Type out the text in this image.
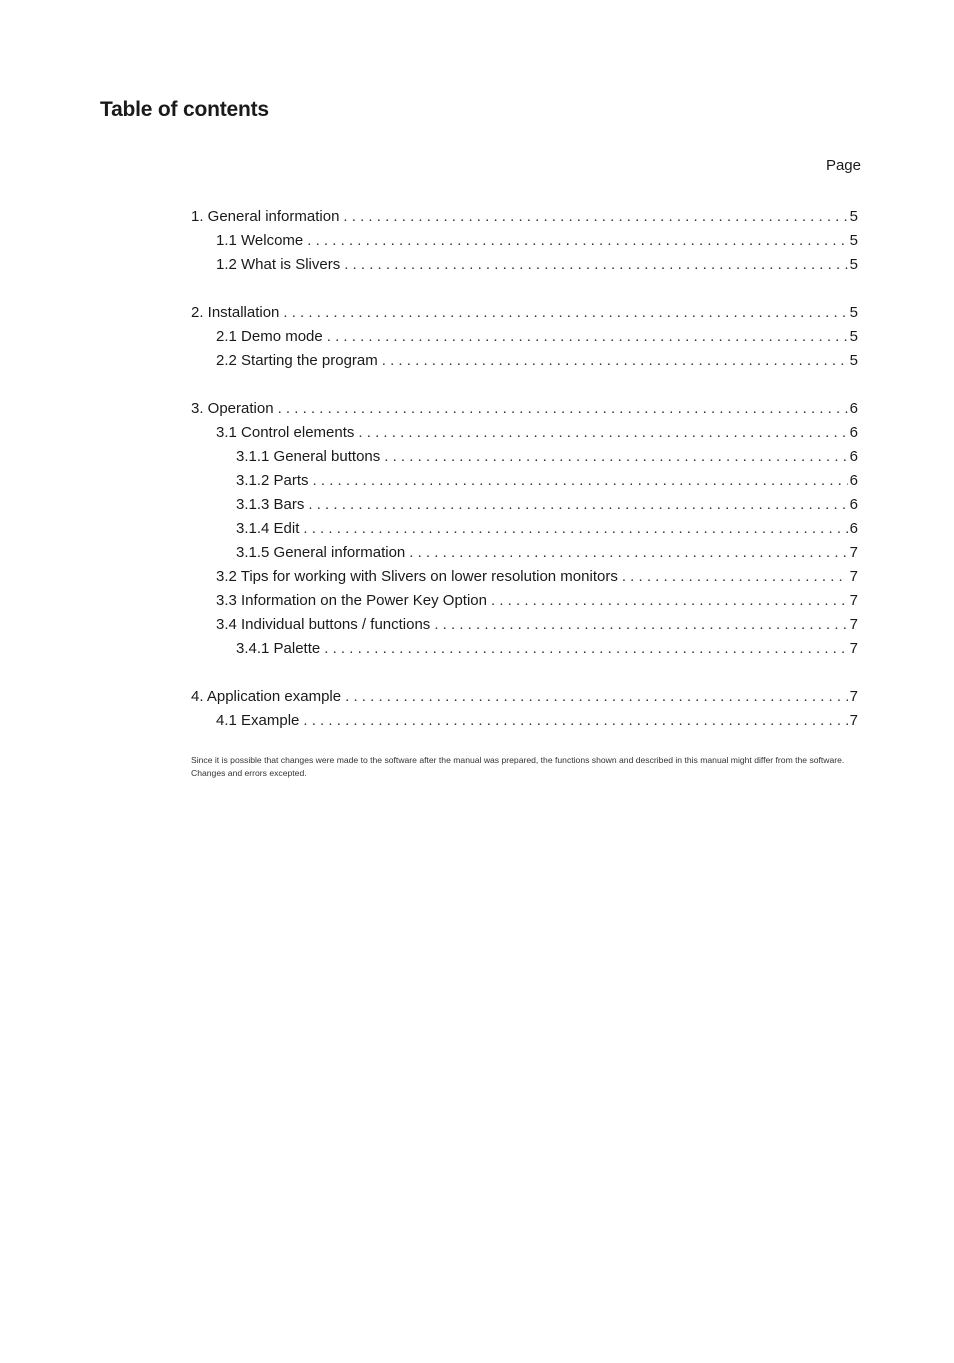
Table of contents
Page
1. General information . . .	5
1.1 Welcome . . .	5
1.2 What is Slivers . . .	5
2. Installation . . .	5
2.1 Demo mode . . .	5
2.2 Starting the program . . .	5
3. Operation . . .	6
3.1 Control elements . . .	6
3.1.1 General buttons . . .	6
3.1.2 Parts . . .	6
3.1.3 Bars . . .	6
3.1.4 Edit . . .	6
3.1.5 General information . . .	7
3.2 Tips for working with Slivers on lower resolution monitors . . .	7
3.3 Information on the Power Key Option . . .	7
3.4 Individual buttons / functions . . .	7
3.4.1 Palette . . .	7
4. Application example . . .	7
4.1 Example . . .	7
Since it is possible that changes were made to the software after the manual was prepared, the functions shown and described in this manual might differ from the software. Changes and errors excepted.
